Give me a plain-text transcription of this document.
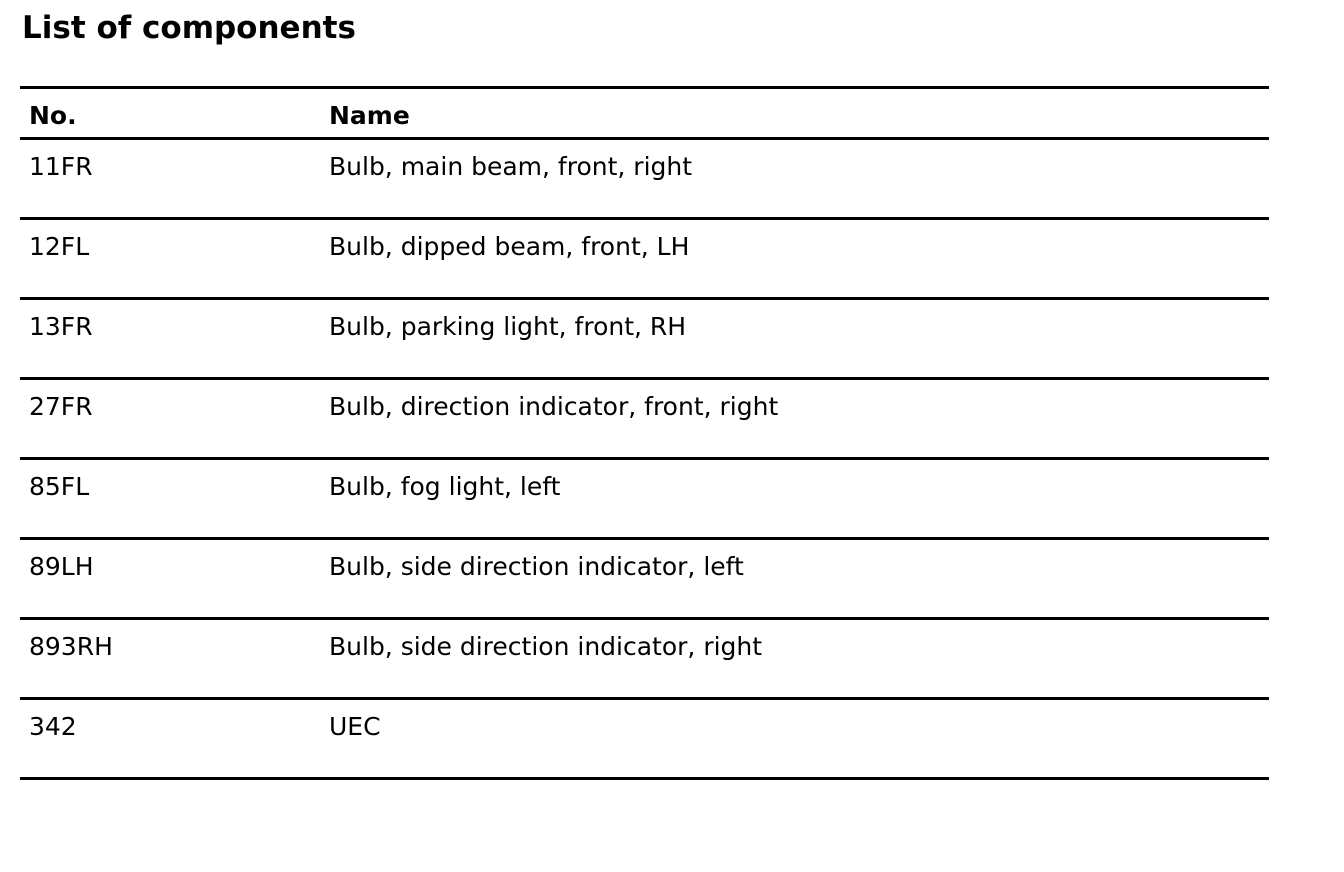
List of components
No.	Name
11FR	Bulb, main beam, front, right
12FL	Bulb, dipped beam, front, LH
13FR	Bulb, parking light, front, RH
27FR	Bulb, direction indicator, front, right
85FL	Bulb, fog light, left
89LH	Bulb, side direction indicator, left
893RH	Bulb, side direction indicator, right
342	UEC
